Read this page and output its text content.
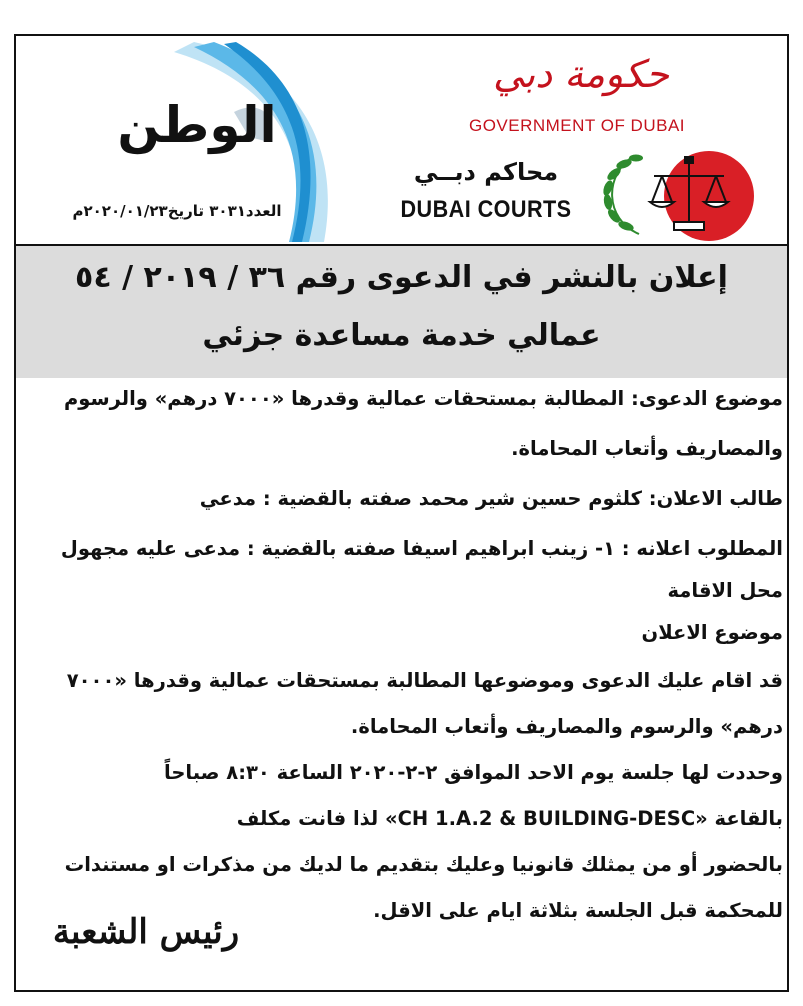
الوطن
العدد٣٠٣١ تاريخ٢٠٢٠/٠١/٢٣م
حكومة دبي
GOVERNMENT OF DUBAI
محاكم دبــي
DUBAI COURTS
إعلان بالنشر في الدعوى رقم ٣٦ / ٢٠١٩ / ٥٤
عمالي خدمة مساعدة جزئي
موضوع الدعوى: المطالبة بمستحقات عمالية وقدرها «٧٠٠٠ درهم» والرسوم
والمصاريف وأتعاب المحاماة.
طالب الاعلان: كلثوم حسين شير محمد صفته بالقضية : مدعي
المطلوب اعلانه : ١- زينب ابراهيم اسيفا صفته بالقضية : مدعى عليه مجهول
محل الاقامة
موضوع الاعلان
قد اقام عليك الدعوى وموضوعها المطالبة بمستحقات عمالية وقدرها «٧٠٠٠
درهم» والرسوم والمصاريف وأتعاب المحاماة.
وحددت لها جلسة يوم الاحد الموافق ٢-٢-٢٠٢٠ الساعة ٨:٣٠ صباحاً
بالقاعة «CH 1.A.2 & BUILDING-DESC» لذا فانت مكلف
بالحضور أو من يمثلك قانونيا وعليك بتقديم ما لديك من مذكرات او مستندات
للمحكمة قبل الجلسة بثلاثة ايام على الاقل.
رئيس الشعبة
